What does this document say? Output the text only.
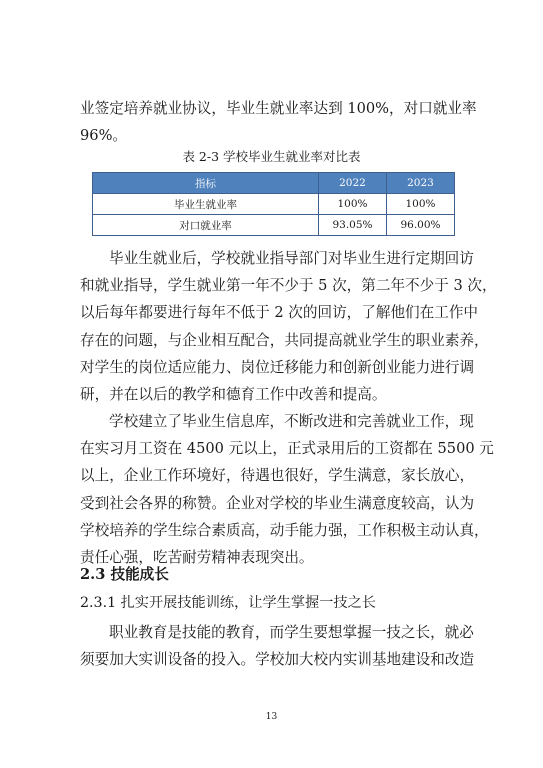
业签定培养就业协议，毕业生就业率达到 100%，对口就业率
96%。

表 2-3 学校毕业生就业率对比表

指标	2022	2023
毕业生就业率	100%	100%
对口就业率	93.05%	96.00%

毕业生就业后，学校就业指导部门对毕业生进行定期回访
和就业指导，学生就业第一年不少于 5 次，第二年不少于 3 次，
以后每年都要进行每年不低于 2 次的回访，了解他们在工作中
存在的问题，与企业相互配合，共同提高就业学生的职业素养，
对学生的岗位适应能力、岗位迁移能力和创新创业能力进行调
研，并在以后的教学和德育工作中改善和提高。

学校建立了毕业生信息库，不断改进和完善就业工作，现
在实习月工资在 4500 元以上，正式录用后的工资都在 5500 元
以上，企业工作环境好，待遇也很好，学生满意，家长放心，
受到社会各界的称赞。企业对学校的毕业生满意度较高，认为
学校培养的学生综合素质高，动手能力强，工作积极主动认真，
责任心强，吃苦耐劳精神表现突出。

2.3 技能成长

2.3.1 扎实开展技能训练，让学生掌握一技之长

职业教育是技能的教育，而学生要想掌握一技之长，就必
须要加大实训设备的投入。学校加大校内实训基地建设和改造

13
